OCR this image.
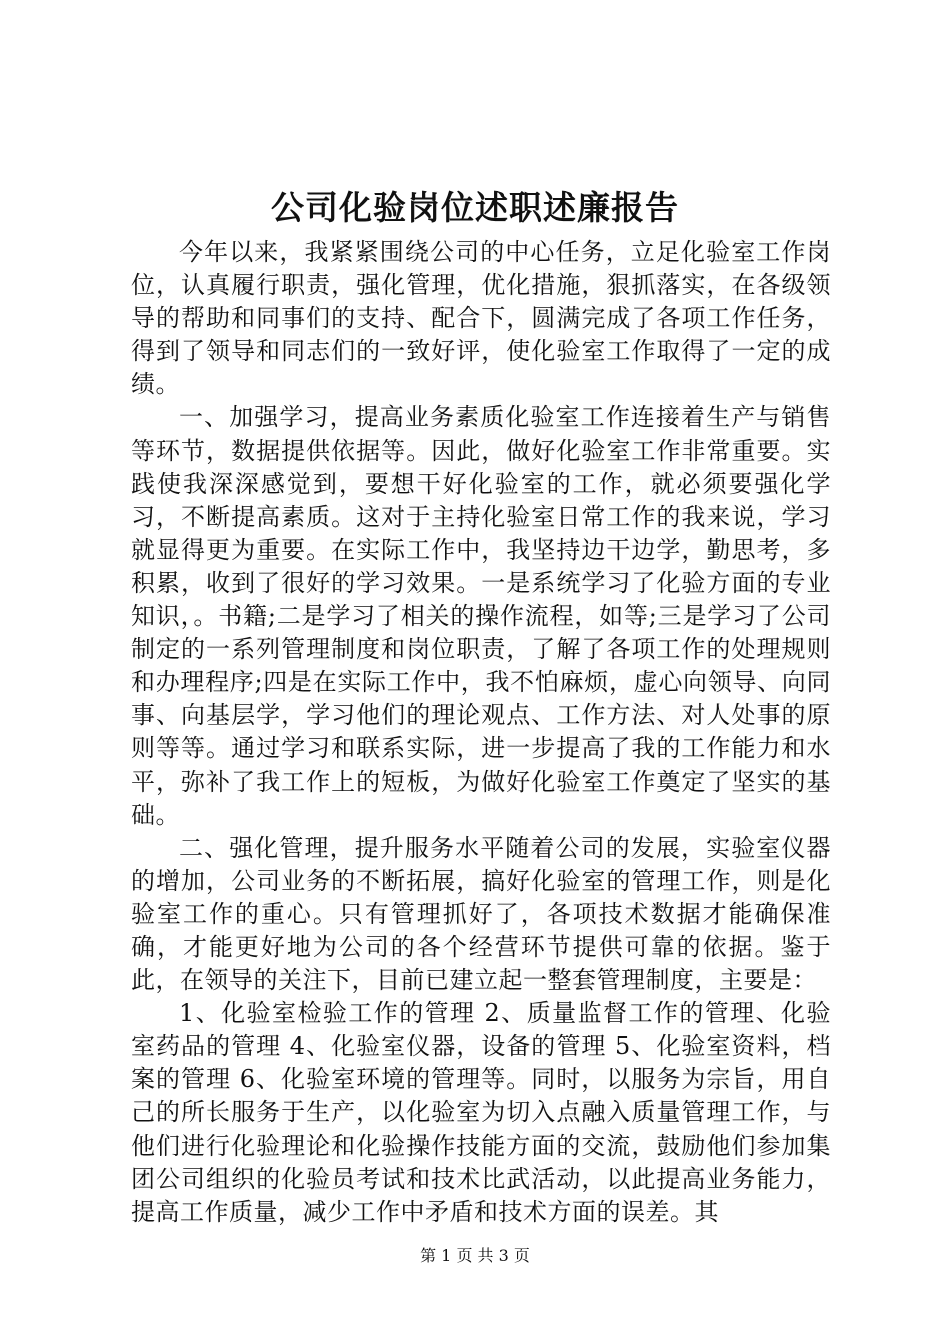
公司化验岗位述职述廉报告

今年以来，我紧紧围绕公司的中心任务，立足化验室工作岗位，认真履行职责，强化管理，优化措施，狠抓落实，在各级领导的帮助和同事们的支持、配合下，圆满完成了各项工作任务，得到了领导和同志们的一致好评，使化验室工作取得了一定的成绩。

一、加强学习，提高业务素质化验室工作连接着生产与销售等环节，数据提供依据等。因此，做好化验室工作非常重要。实践使我深深感觉到，要想干好化验室的工作，就必须要强化学习，不断提高素质。这对于主持化验室日常工作的我来说，学习就显得更为重要。在实际工作中，我坚持边干边学，勤思考，多积累，收到了很好的学习效果。一是系统学习了化验方面的专业知识，。书籍;二是学习了相关的操作流程，如等;三是学习了公司制定的一系列管理制度和岗位职责，了解了各项工作的处理规则和办理程序;四是在实际工作中，我不怕麻烦，虚心向领导、向同事、向基层学，学习他们的理论观点、工作方法、对人处事的原则等等。通过学习和联系实际，进一步提高了我的工作能力和水平，弥补了我工作上的短板，为做好化验室工作奠定了坚实的基础。

二、强化管理，提升服务水平随着公司的发展，实验室仪器的增加，公司业务的不断拓展，搞好化验室的管理工作，则是化验室工作的重心。只有管理抓好了，各项技术数据才能确保准确，才能更好地为公司的各个经营环节提供可靠的依据。鉴于此，在领导的关注下，目前已建立起一整套管理制度，主要是：

1、化验室检验工作的管理 2、质量监督工作的管理、化验室药品的管理 4、化验室仪器，设备的管理 5、化验室资料，档案的管理 6、化验室环境的管理等。同时，以服务为宗旨，用自己的所长服务于生产，以化验室为切入点融入质量管理工作，与他们进行化验理论和化验操作技能方面的交流，鼓励他们参加集团公司组织的化验员考试和技术比武活动，以此提高业务能力，提高工作质量，减少工作中矛盾和技术方面的误差。其

第 1 页 共 3 页
